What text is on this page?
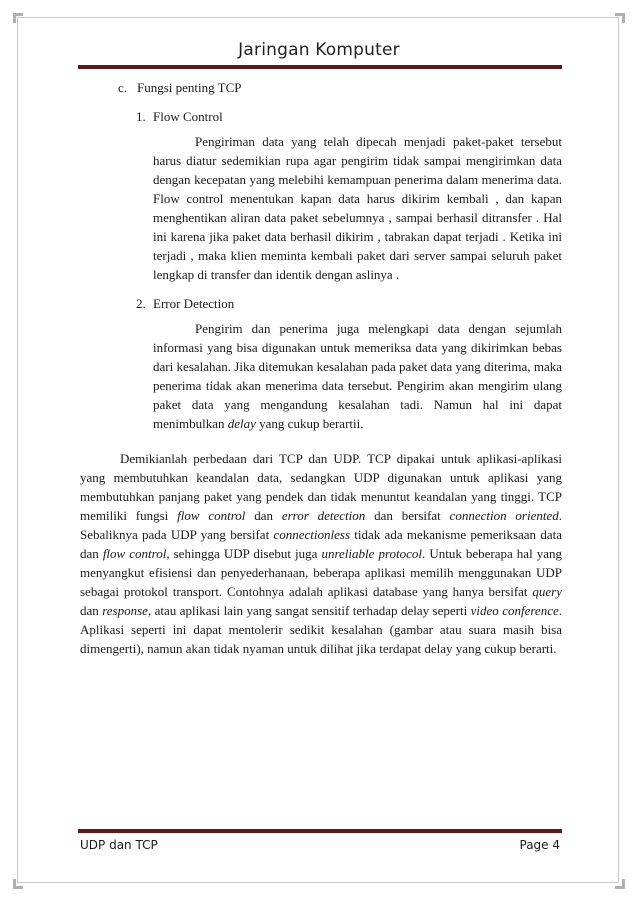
Jaringan Komputer
c. Fungsi penting TCP
1. Flow Control
Pengiriman data yang telah dipecah menjadi paket-paket tersebut harus diatur sedemikian rupa agar pengirim tidak sampai mengirimkan data dengan kecepatan yang melebihi kemampuan penerima dalam menerima data. Flow control menentukan kapan data harus dikirim kembali , dan kapan menghentikan aliran data paket sebelumnya , sampai berhasil ditransfer . Hal ini karena jika paket data berhasil dikirim , tabrakan dapat terjadi . Ketika ini terjadi , maka klien meminta kembali paket dari server sampai seluruh paket lengkap di transfer dan identik dengan aslinya .
2. Error Detection
Pengirim dan penerima juga melengkapi data dengan sejumlah informasi yang bisa digunakan untuk memeriksa data yang dikirimkan bebas dari kesalahan. Jika ditemukan kesalahan pada paket data yang diterima, maka penerima tidak akan menerima data tersebut. Pengirim akan mengirim ulang paket data yang mengandung kesalahan tadi. Namun hal ini dapat menimbulkan delay yang cukup berartii.
Demikianlah perbedaan dari TCP dan UDP. TCP dipakai untuk aplikasi-aplikasi yang membutuhkan keandalan data, sedangkan UDP digunakan untuk aplikasi yang membutuhkan panjang paket yang pendek dan tidak menuntut keandalan yang tinggi. TCP memiliki fungsi flow control dan error detection dan bersifat connection oriented. Sebaliknya pada UDP yang bersifat connectionless tidak ada mekanisme pemeriksaan data dan flow control, sehingga UDP disebut juga unreliable protocol. Untuk beberapa hal yang menyangkut efisiensi dan penyederhanaan, beberapa aplikasi memilih menggunakan UDP sebagai protokol transport. Contohnya adalah aplikasi database yang hanya bersifat query dan response, atau aplikasi lain yang sangat sensitif terhadap delay seperti video conference. Aplikasi seperti ini dapat mentolerir sedikit kesalahan (gambar atau suara masih bisa dimengerti), namun akan tidak nyaman untuk dilihat jika terdapat delay yang cukup berarti.
UDP dan TCP	Page 4
